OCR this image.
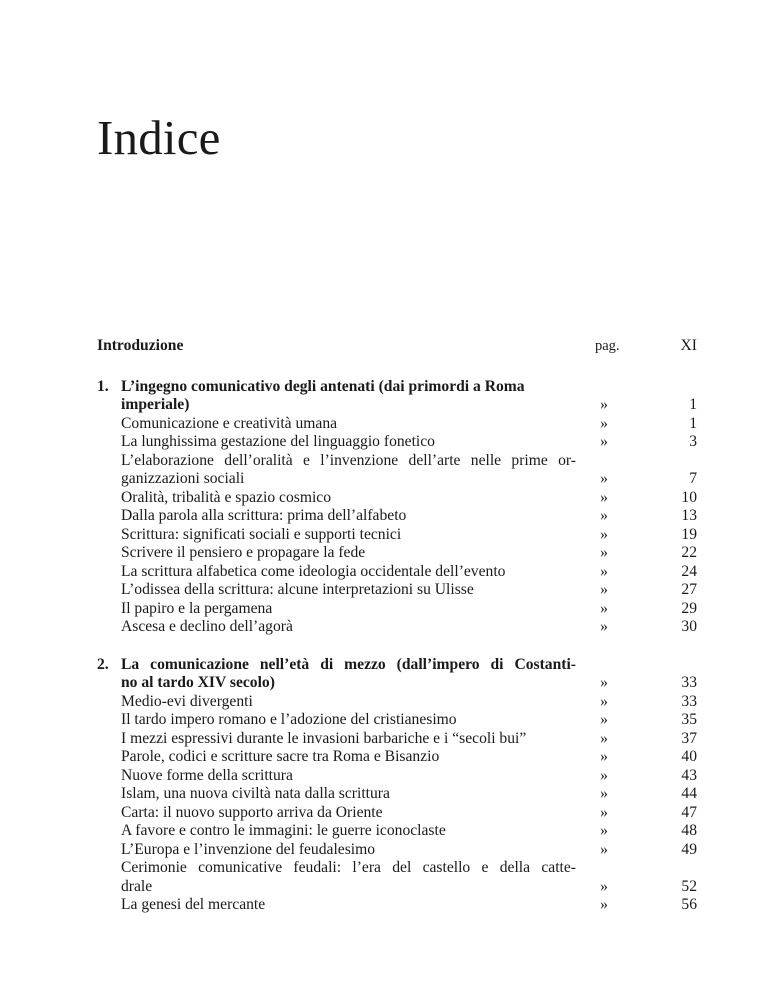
Indice
Introduzione	pag.	XI
1. L’ingegno comunicativo degli antenati (dai primordi a Roma
imperiale)	»	1
Comunicazione e creatività umana	»	1
La lunghissima gestazione del linguaggio fonetico	»	3
L’elaborazione dell’oralità e l’invenzione dell’arte nelle prime or-
ganizzazioni sociali	»	7
Oralità, tribalità e spazio cosmico	»	10
Dalla parola alla scrittura: prima dell’alfabeto	»	13
Scrittura: significati sociali e supporti tecnici	»	19
Scrivere il pensiero e propagare la fede	»	22
La scrittura alfabetica come ideologia occidentale dell’evento	»	24
L’odissea della scrittura: alcune interpretazioni su Ulisse	»	27
Il papiro e la pergamena	»	29
Ascesa e declino dell’agorà	»	30
2. La comunicazione nell’età di mezzo (dall’impero di Costanti-
no al tardo XIV secolo)	»	33
Medio-evi divergenti	»	33
Il tardo impero romano e l’adozione del cristianesimo	»	35
I mezzi espressivi durante le invasioni barbariche e i “secoli bui”	»	37
Parole, codici e scritture sacre tra Roma e Bisanzio	»	40
Nuove forme della scrittura	»	43
Islam, una nuova civiltà nata dalla scrittura	»	44
Carta: il nuovo supporto arriva da Oriente	»	47
A favore e contro le immagini: le guerre iconoclaste	»	48
L’Europa e l’invenzione del feudalesimo	»	49
Cerimonie comunicative feudali: l’era del castello e della catte-
drale	»	52
La genesi del mercante	»	56
